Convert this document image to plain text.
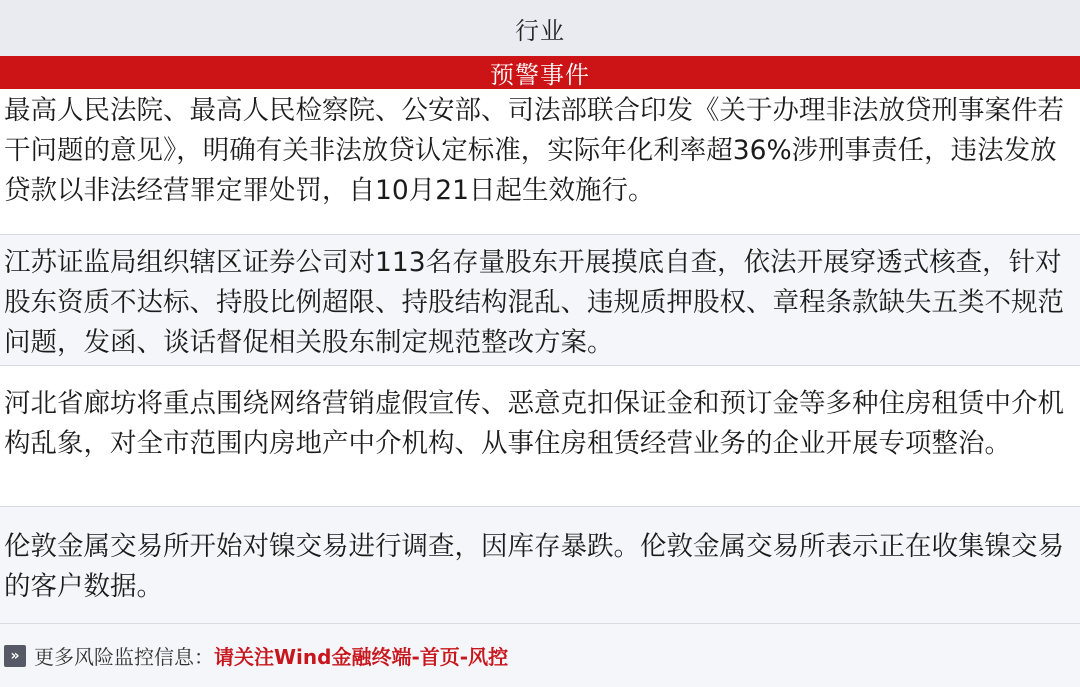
行业
预警事件
最高人民法院、最高人民检察院、公安部、司法部联合印发《关于办理非法放贷刑事案件若干问题的意见》，明确有关非法放贷认定标准，实际年化利率超36%涉刑事责任，违法发放贷款以非法经营罪定罪处罚，自10月21日起生效施行。
江苏证监局组织辖区证券公司对113名存量股东开展摸底自查，依法开展穿透式核查，针对股东资质不达标、持股比例超限、持股结构混乱、违规质押股权、章程条款缺失五类不规范问题，发函、谈话督促相关股东制定规范整改方案。
河北省廊坊将重点围绕网络营销虚假宣传、恶意克扣保证金和预订金等多种住房租赁中介机构乱象，对全市范围内房地产中介机构、从事住房租赁经营业务的企业开展专项整治。
伦敦金属交易所开始对镍交易进行调查，因库存暴跌。伦敦金属交易所表示正在收集镍交易的客户数据。
» 更多风险监控信息： 请关注Wind金融终端-首页-风控
